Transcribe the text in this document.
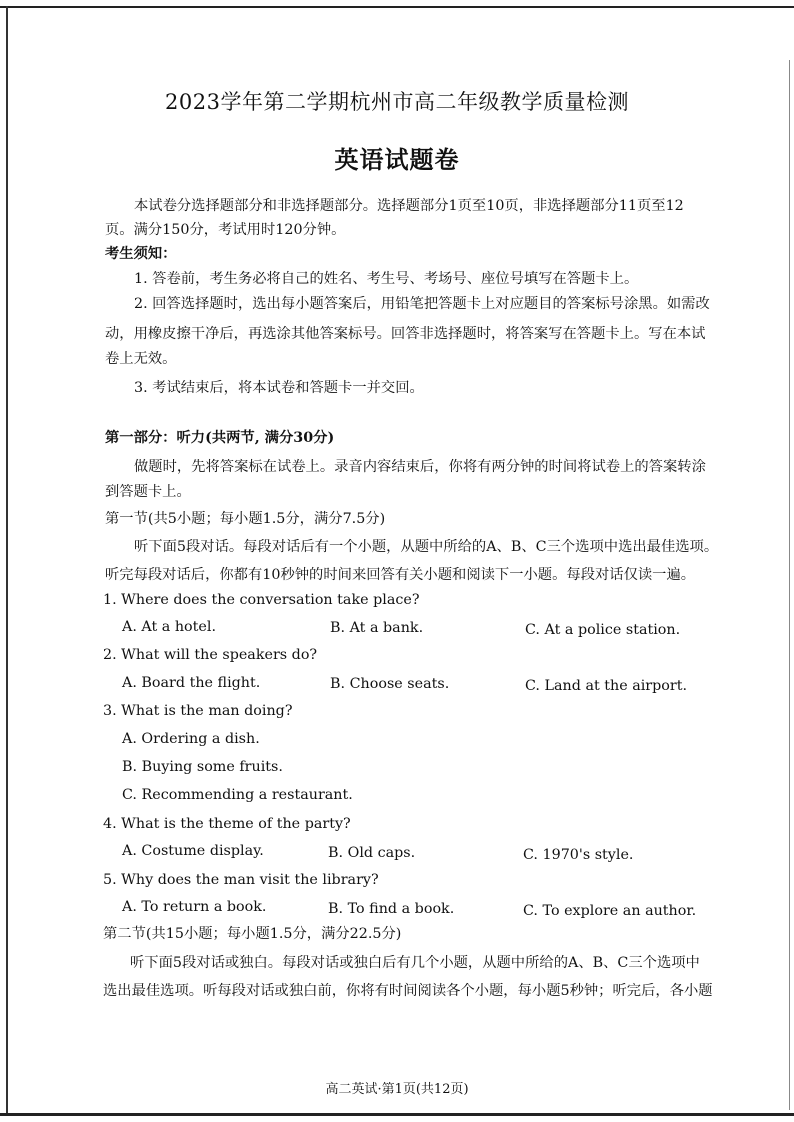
2023学年第二学期杭州市高二年级教学质量检测
英语试题卷
本试卷分选择题部分和非选择题部分。选择题部分1页至10页，非选择题部分11页至12
页。满分150分，考试用时120分钟。
考生须知：
1. 答卷前，考生务必将自己的姓名、考生号、考场号、座位号填写在答题卡上。
2. 回答选择题时，选出每小题答案后，用铅笔把答题卡上对应题目的答案标号涂黑。如需改
动，用橡皮擦干净后，再选涂其他答案标号。回答非选择题时，将答案写在答题卡上。写在本试
卷上无效。
3. 考试结束后，将本试卷和答题卡一并交回。
第一部分：听力(共两节, 满分30分)
做题时，先将答案标在试卷上。录音内容结束后，你将有两分钟的时间将试卷上的答案转涂
到答题卡上。
第一节(共5小题；每小题1.5分，满分7.5分)
听下面5段对话。每段对话后有一个小题，从题中所给的A、B、C三个选项中选出最佳选项。
听完每段对话后，你都有10秒钟的时间来回答有关小题和阅读下一小题。每段对话仅读一遍。
1. Where does the conversation take place?
A. At a hotel.	B. At a bank.	C. At a police station.
2. What will the speakers do?
A. Board the flight.	B. Choose seats.	C. Land at the airport.
3. What is the man doing?
A. Ordering a dish.
B. Buying some fruits.
C. Recommending a restaurant.
4. What is the theme of the party?
A. Costume display.	B. Old caps.	C. 1970's style.
5. Why does the man visit the library?
A. To return a book.	B. To find a book.	C. To explore an author.
第二节(共15小题；每小题1.5分，满分22.5分)
听下面5段对话或独白。每段对话或独白后有几个小题，从题中所给的A、B、C三个选项中
选出最佳选项。听每段对话或独白前，你将有时间阅读各个小题，每小题5秒钟；听完后，各小题
高二英试·第1页(共12页)
